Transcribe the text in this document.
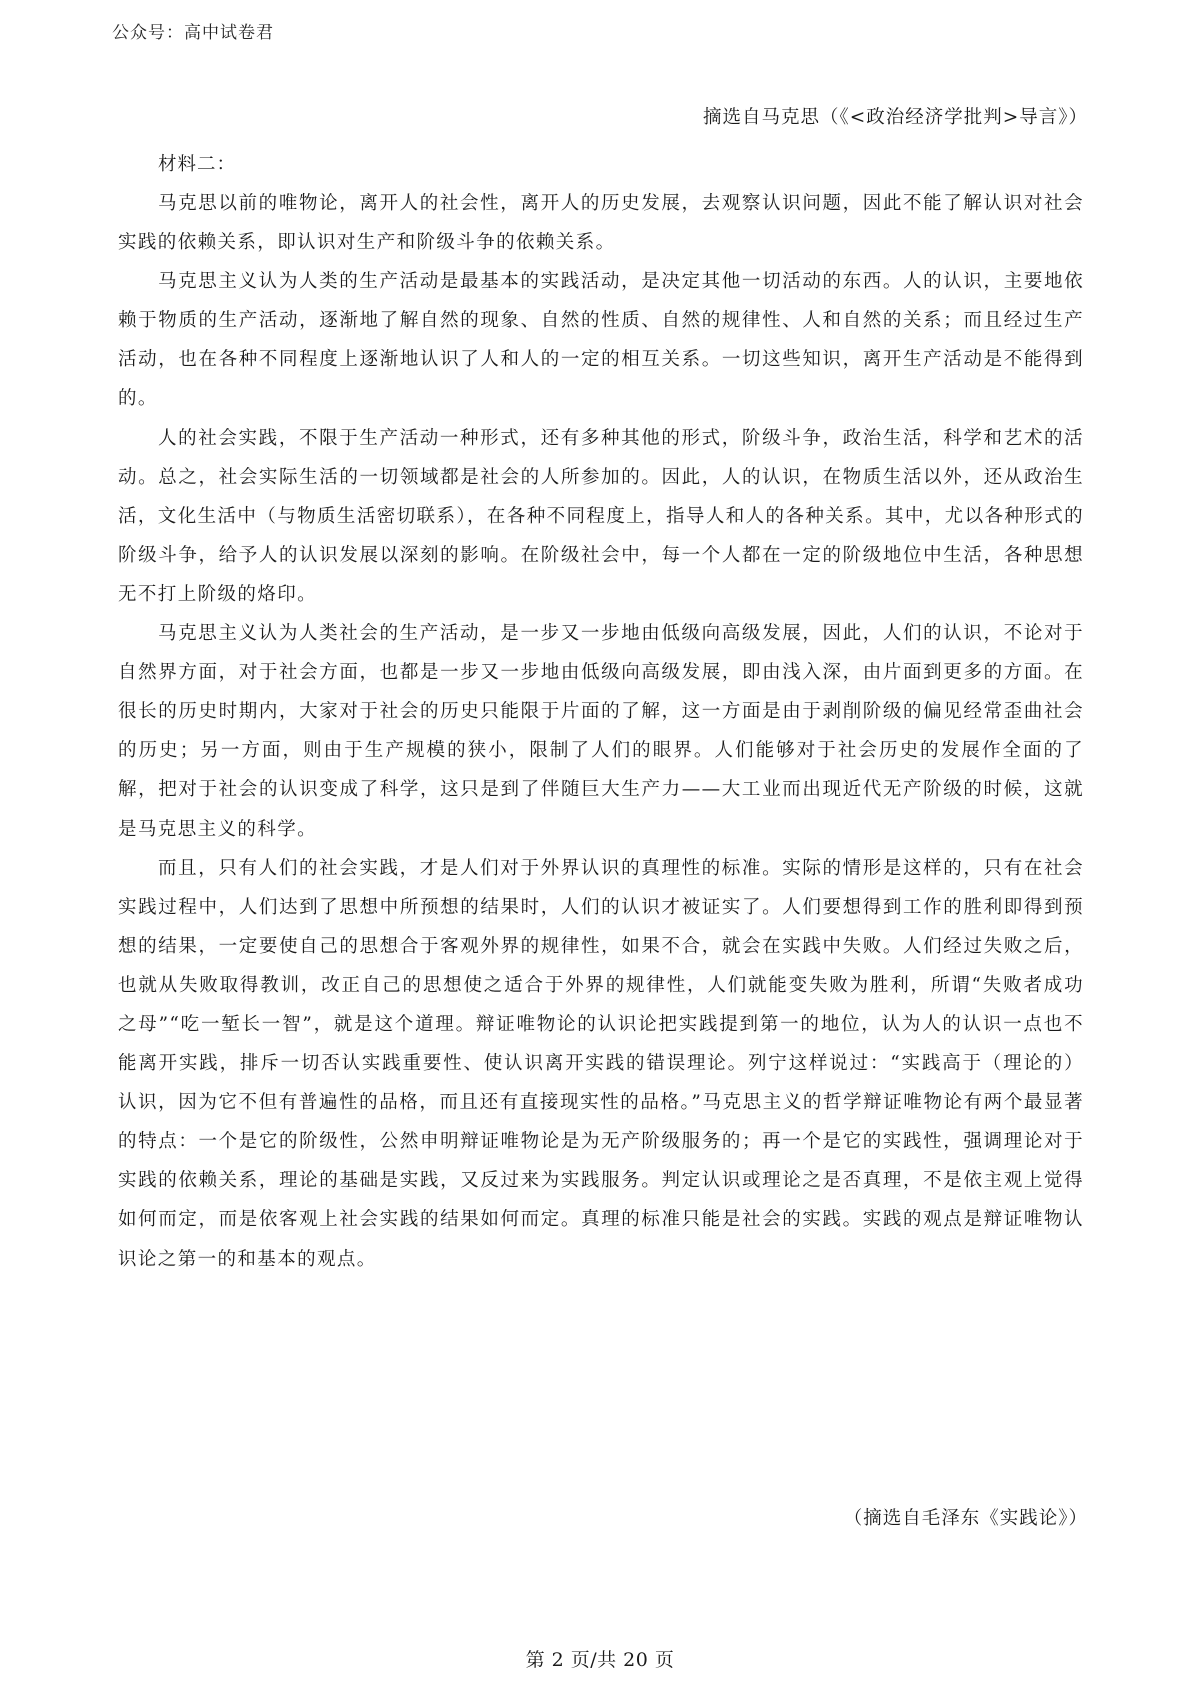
公众号：高中试卷君
摘选自马克思（《<政治经济学批判>导言》）

材料二：

马克思以前的唯物论，离开人的社会性，离开人的历史发展，去观察认识问题，因此不能了解认识对社会实践的依赖关系，即认识对生产和阶级斗争的依赖关系。

马克思主义认为人类的生产活动是最基本的实践活动，是决定其他一切活动的东西。人的认识，主要地依赖于物质的生产活动，逐渐地了解自然的现象、自然的性质、自然的规律性、人和自然的关系；而且经过生产活动，也在各种不同程度上逐渐地认识了人和人的一定的相互关系。一切这些知识，离开生产活动是不能得到的。

人的社会实践，不限于生产活动一种形式，还有多种其他的形式，阶级斗争，政治生活，科学和艺术的活动。总之，社会实际生活的一切领域都是社会的人所参加的。因此，人的认识，在物质生活以外，还从政治生活，文化生活中（与物质生活密切联系），在各种不同程度上，指导人和人的各种关系。其中，尤以各种形式的阶级斗争，给予人的认识发展以深刻的影响。在阶级社会中，每一个人都在一定的阶级地位中生活，各种思想无不打上阶级的烙印。

马克思主义认为人类社会的生产活动，是一步又一步地由低级向高级发展，因此，人们的认识，不论对于自然界方面，对于社会方面，也都是一步又一步地由低级向高级发展，即由浅入深，由片面到更多的方面。在很长的历史时期内，大家对于社会的历史只能限于片面的了解，这一方面是由于剥削阶级的偏见经常歪曲社会的历史；另一方面，则由于生产规模的狭小，限制了人们的眼界。人们能够对于社会历史的发展作全面的了解，把对于社会的认识变成了科学，这只是到了伴随巨大生产力——大工业而出现近代无产阶级的时候，这就是马克思主义的科学。

而且，只有人们的社会实践，才是人们对于外界认识的真理性的标准。实际的情形是这样的，只有在社会实践过程中，人们达到了思想中所预想的结果时，人们的认识才被证实了。人们要想得到工作的胜利即得到预想的结果，一定要使自己的思想合于客观外界的规律性，如果不合，就会在实践中失败。人们经过失败之后，也就从失败取得教训，改正自己的思想使之适合于外界的规律性，人们就能变失败为胜利，所谓“失败者成功之母”“吃一堑长一智”，就是这个道理。辩证唯物论的认识论把实践提到第一的地位，认为人的认识一点也不能离开实践，排斥一切否认实践重要性、使认识离开实践的错误理论。列宁这样说过：“实践高于（理论的）认识，因为它不但有普遍性的品格，而且还有直接现实性的品格。”马克思主义的哲学辩证唯物论有两个最显著的特点：一个是它的阶级性，公然申明辩证唯物论是为无产阶级服务的；再一个是它的实践性，强调理论对于实践的依赖关系，理论的基础是实践，又反过来为实践服务。判定认识或理论之是否真理，不是依主观上觉得如何而定，而是依客观上社会实践的结果如何而定。真理的标准只能是社会的实践。实践的观点是辩证唯物认识论之第一的和基本的观点。

（摘选自毛泽东《实践论》）
第 2 页/共 20 页
